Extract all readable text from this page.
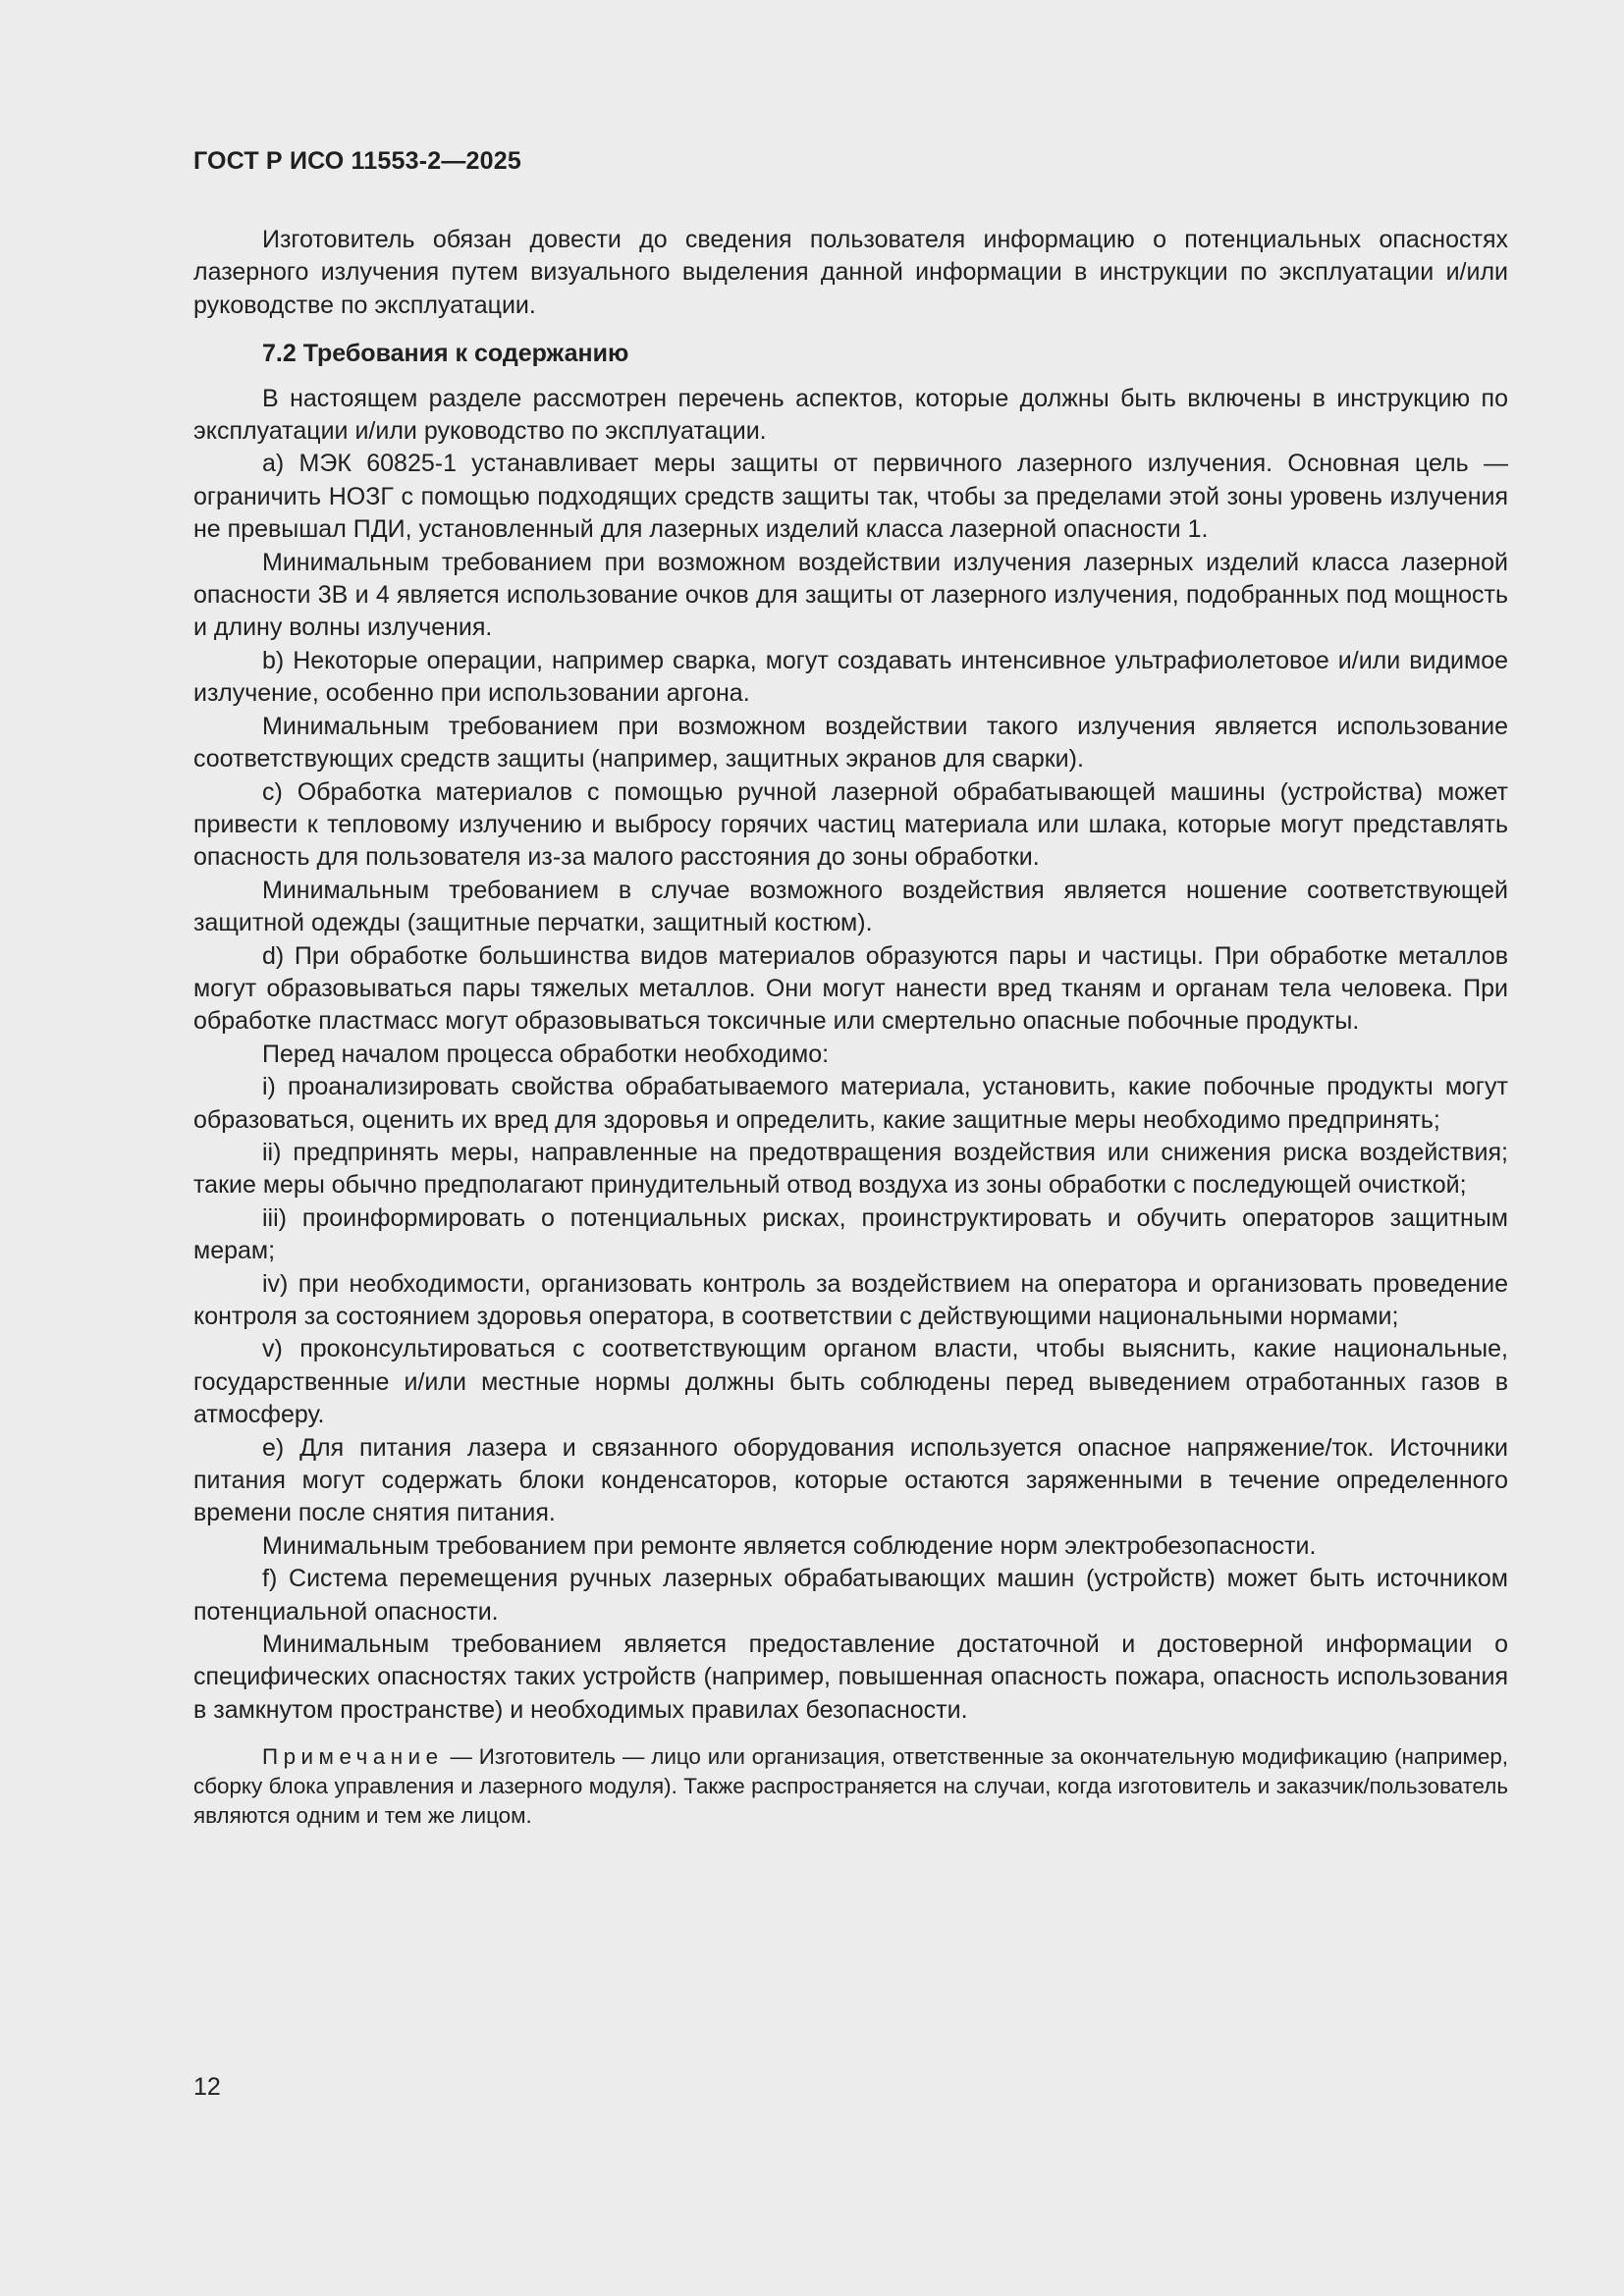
ГОСТ Р ИСО 11553-2—2025

Изготовитель обязан довести до сведения пользователя информацию о потенциальных опасностях лазерного излучения путем визуального выделения данной информации в инструкции по эксплуатации и/или руководстве по эксплуатации.

7.2 Требования к содержанию

В настоящем разделе рассмотрен перечень аспектов, которые должны быть включены в инструкцию по эксплуатации и/или руководство по эксплуатации.

a) МЭК 60825-1 устанавливает меры защиты от первичного лазерного излучения. Основная цель — ограничить НОЗГ с помощью подходящих средств защиты так, чтобы за пределами этой зоны уровень излучения не превышал ПДИ, установленный для лазерных изделий класса лазерной опасности 1.

Минимальным требованием при возможном воздействии излучения лазерных изделий класса лазерной опасности 3В и 4 является использование очков для защиты от лазерного излучения, подобранных под мощность и длину волны излучения.

b) Некоторые операции, например сварка, могут создавать интенсивное ультрафиолетовое и/или видимое излучение, особенно при использовании аргона.

Минимальным требованием при возможном воздействии такого излучения является использование соответствующих средств защиты (например, защитных экранов для сварки).

c) Обработка материалов с помощью ручной лазерной обрабатывающей машины (устройства) может привести к тепловому излучению и выбросу горячих частиц материала или шлака, которые могут представлять опасность для пользователя из-за малого расстояния до зоны обработки.

Минимальным требованием в случае возможного воздействия является ношение соответствующей защитной одежды (защитные перчатки, защитный костюм).

d) При обработке большинства видов материалов образуются пары и частицы. При обработке металлов могут образовываться пары тяжелых металлов. Они могут нанести вред тканям и органам тела человека. При обработке пластмасс могут образовываться токсичные или смертельно опасные побочные продукты.

Перед началом процесса обработки необходимо:

i) проанализировать свойства обрабатываемого материала, установить, какие побочные продукты могут образоваться, оценить их вред для здоровья и определить, какие защитные меры необходимо предпринять;

ii) предпринять меры, направленные на предотвращения воздействия или снижения риска воздействия; такие меры обычно предполагают принудительный отвод воздуха из зоны обработки с последующей очисткой;

iii) проинформировать о потенциальных рисках, проинструктировать и обучить операторов защитным мерам;

iv) при необходимости, организовать контроль за воздействием на оператора и организовать проведение контроля за состоянием здоровья оператора, в соответствии с действующими национальными нормами;

v) проконсультироваться с соответствующим органом власти, чтобы выяснить, какие национальные, государственные и/или местные нормы должны быть соблюдены перед выведением отработанных газов в атмосферу.

e) Для питания лазера и связанного оборудования используется опасное напряжение/ток. Источники питания могут содержать блоки конденсаторов, которые остаются заряженными в течение определенного времени после снятия питания.

Минимальным требованием при ремонте является соблюдение норм электробезопасности.

f) Система перемещения ручных лазерных обрабатывающих машин (устройств) может быть источником потенциальной опасности.

Минимальным требованием является предоставление достаточной и достоверной информации о специфических опасностях таких устройств (например, повышенная опасность пожара, опасность использования в замкнутом пространстве) и необходимых правилах безопасности.

Примечание — Изготовитель — лицо или организация, ответственные за окончательную модификацию (например, сборку блока управления и лазерного модуля). Также распространяется на случаи, когда изготовитель и заказчик/пользователь являются одним и тем же лицом.

12
